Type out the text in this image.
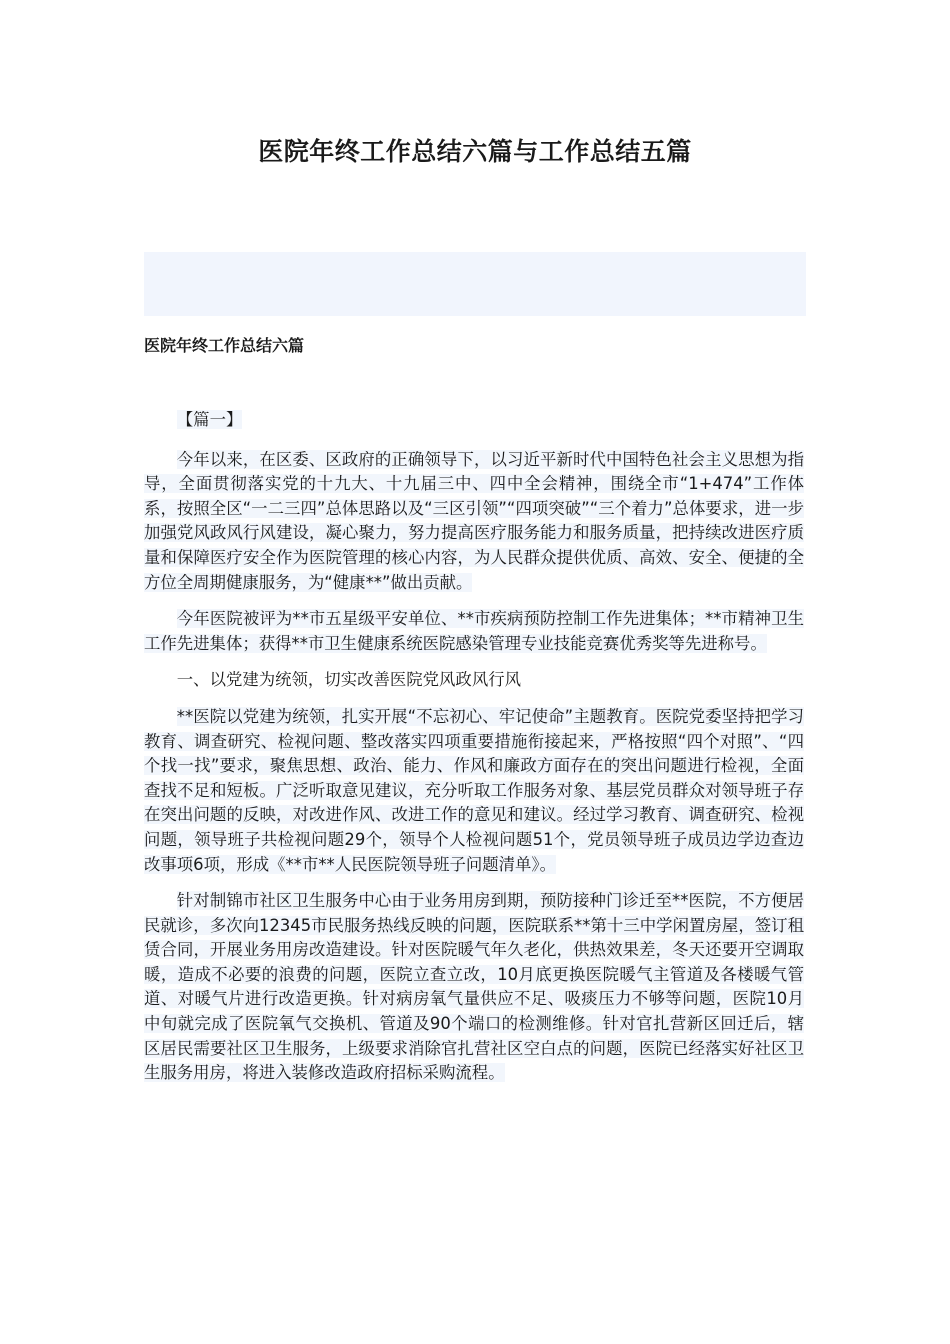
医院年终工作总结六篇与工作总结五篇
医院年终工作总结六篇

【篇一】

今年以来，在区委、区政府的正确领导下，以习近平新时代中国特色社会主义思想为指导，全面贯彻落实党的十九大、十九届三中、四中全会精神，围绕全市“1+474”工作体系，按照全区“一二三四”总体思路以及“三区引领”“四项突破”“三个着力”总体要求，进一步加强党风政风行风建设，凝心聚力，努力提高医疗服务能力和服务质量，把持续改进医疗质量和保障医疗安全作为医院管理的核心内容，为人民群众提供优质、高效、安全、便捷的全方位全周期健康服务，为“健康**”做出贡献。

今年医院被评为**市五星级平安单位、**市疾病预防控制工作先进集体；**市精神卫生工作先进集体；获得**市卫生健康系统医院感染管理专业技能竞赛优秀奖等先进称号。

一、以党建为统领，切实改善医院党风政风行风

**医院以党建为统领，扎实开展“不忘初心、牢记使命”主题教育。医院党委坚持把学习教育、调查研究、检视问题、整改落实四项重要措施衔接起来，严格按照“四个对照”、“四个找一找”要求，聚焦思想、政治、能力、作风和廉政方面存在的突出问题进行检视，全面查找不足和短板。广泛听取意见建议，充分听取工作服务对象、基层党员群众对领导班子存在突出问题的反映，对改进作风、改进工作的意见和建议。经过学习教育、调查研究、检视问题，领导班子共检视问题29个，领导个人检视问题51个，党员领导班子成员边学边查边改事项6项，形成《**市**人民医院领导班子问题清单》。

针对制锦市社区卫生服务中心由于业务用房到期，预防接种门诊迁至**医院，不方便居民就诊，多次向12345市民服务热线反映的问题，医院联系**第十三中学闲置房屋，签订租赁合同，开展业务用房改造建设。针对医院暖气年久老化，供热效果差，冬天还要开空调取暖，造成不必要的浪费的问题，医院立查立改，10月底更换医院暖气主管道及各楼暖气管道、对暖气片进行改造更换。针对病房氧气量供应不足、吸痰压力不够等问题，医院10月中旬就完成了医院氧气交换机、管道及90个端口的检测维修。针对官扎营新区回迁后，辖区居民需要社区卫生服务，上级要求消除官扎营社区空白点的问题，医院已经落实好社区卫生服务用房，将进入装修改造政府招标采购流程。
